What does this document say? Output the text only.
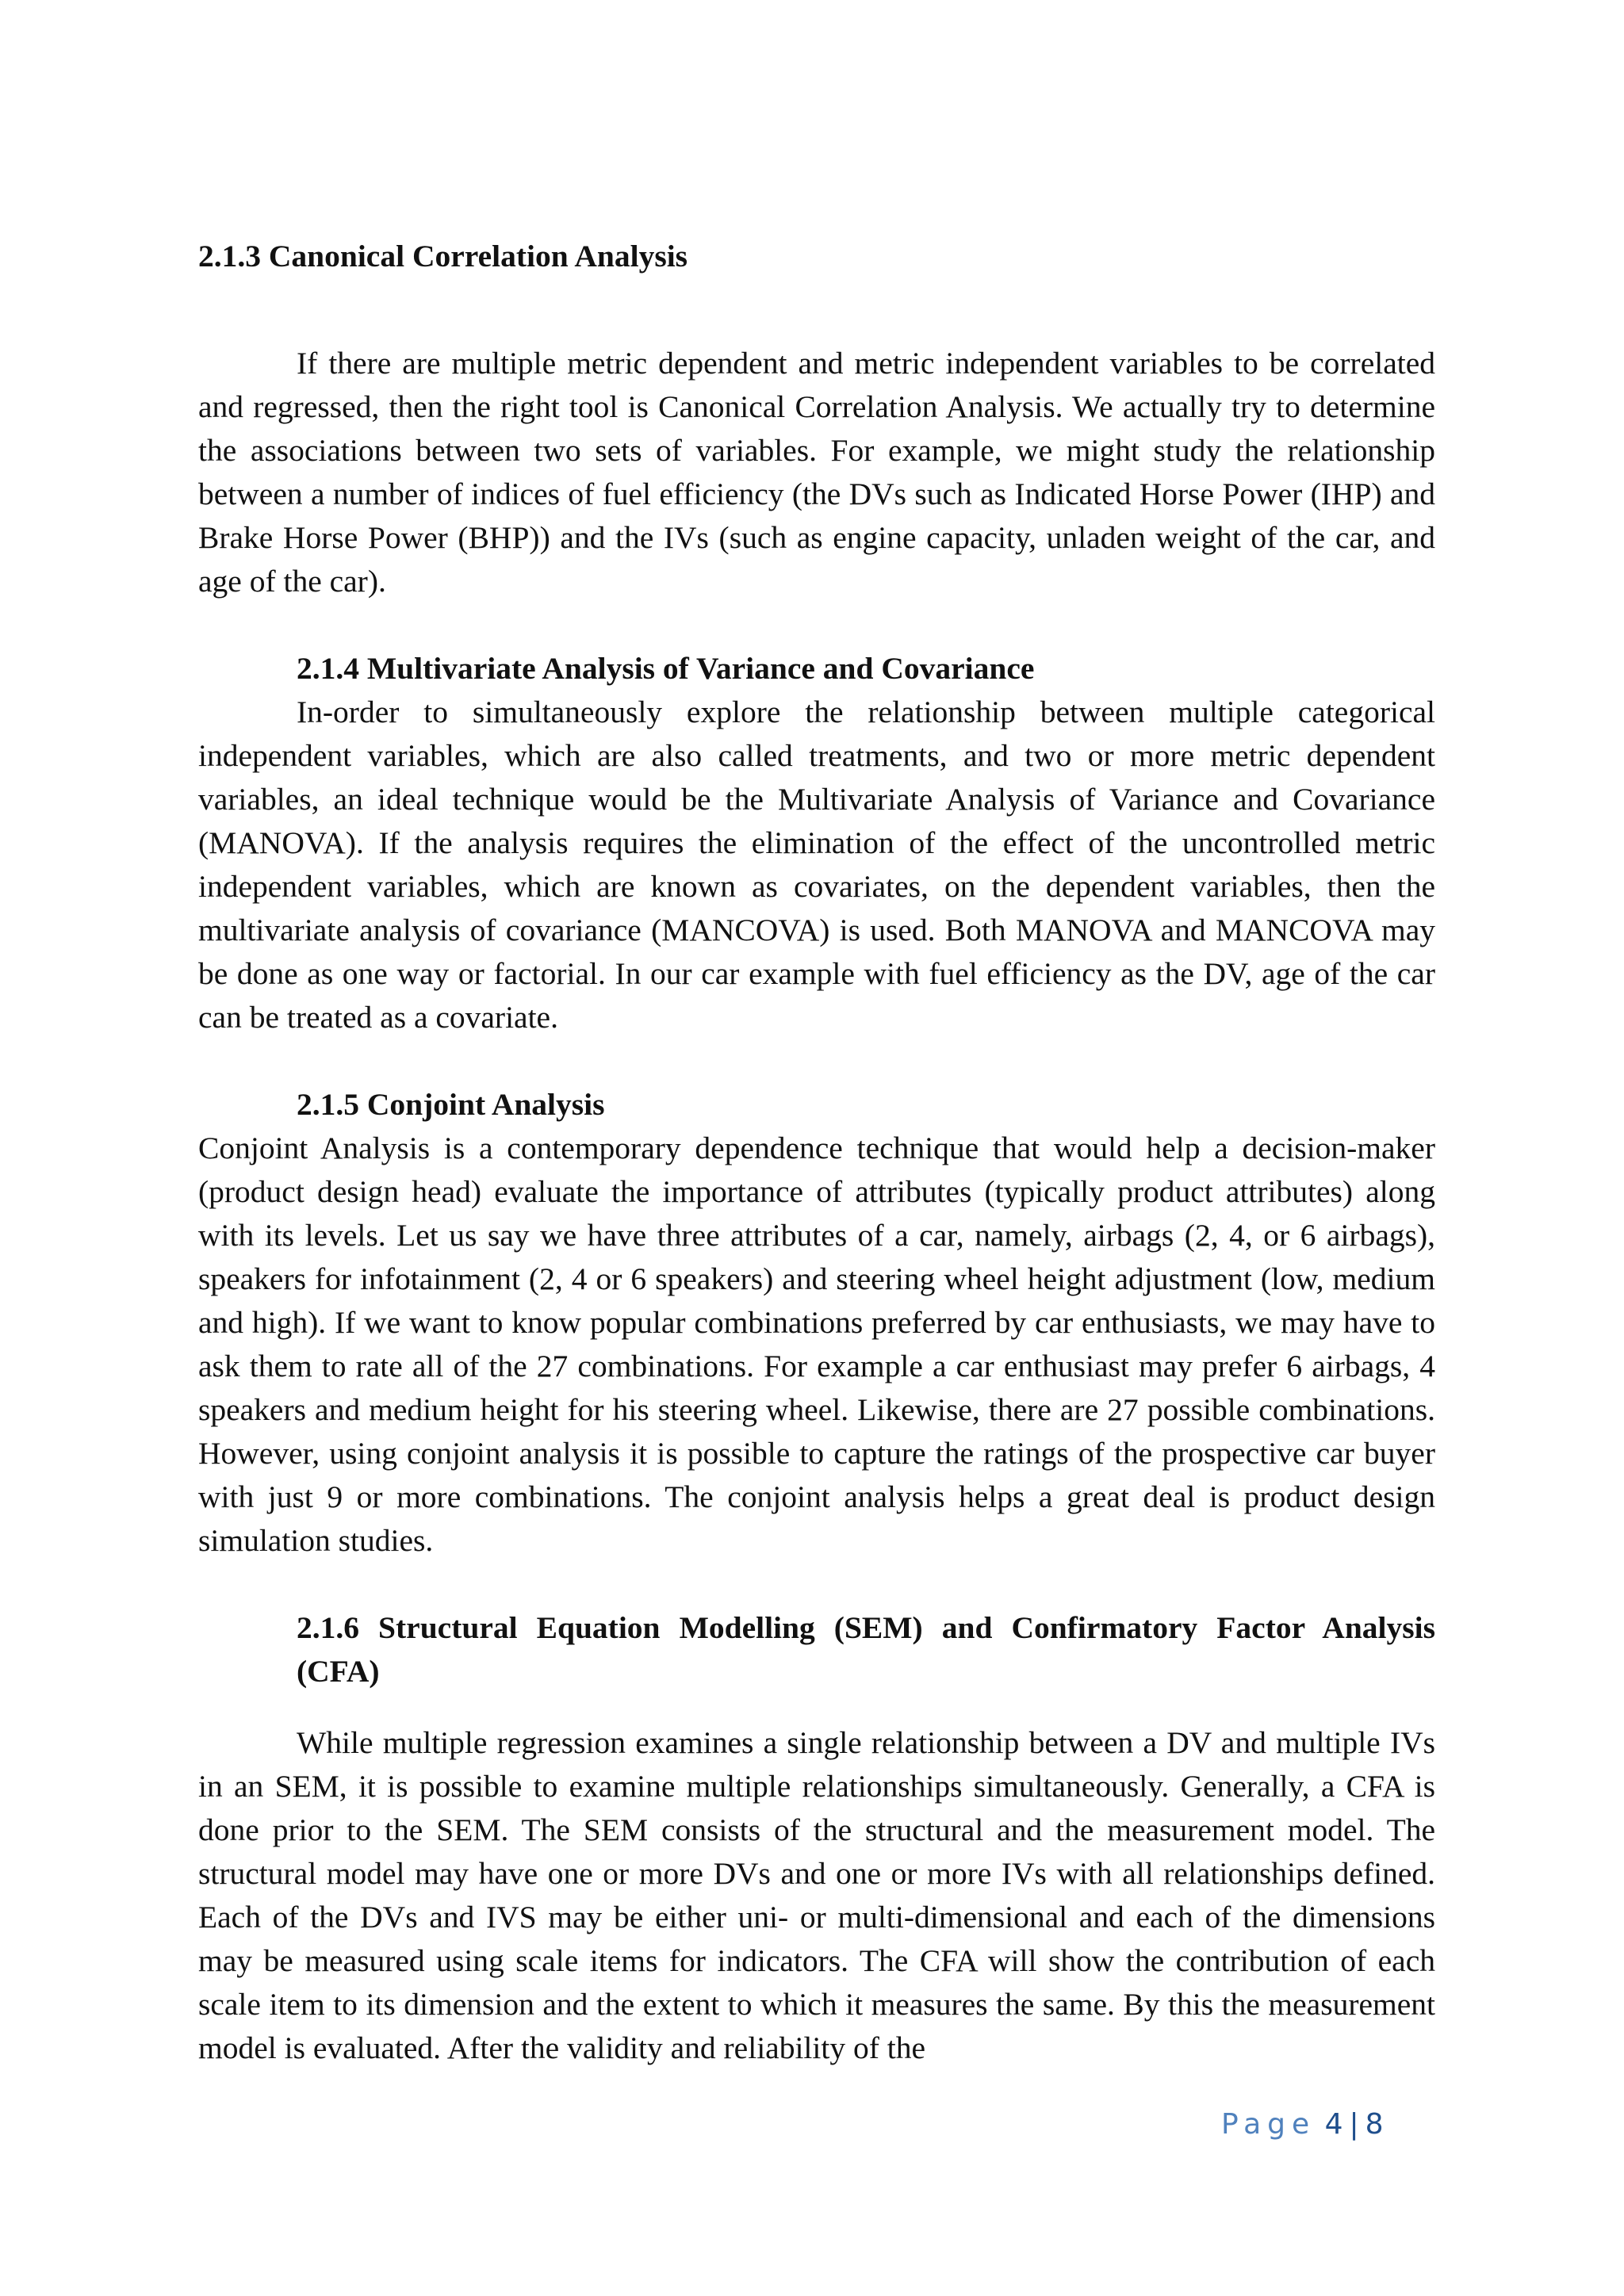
2.1.3 Canonical Correlation Analysis

If there are multiple metric dependent and metric independent variables to be correlated and regressed, then the right tool is Canonical Correlation Analysis. We actually try to determine the associations between two sets of variables. For example, we might study the relationship between a number of indices of fuel efficiency (the DVs such as Indicated Horse Power (IHP) and Brake Horse Power (BHP)) and the IVs (such as engine capacity, unladen weight of the car, and age of the car).

2.1.4 Multivariate Analysis of Variance and Covariance

In-order to simultaneously explore the relationship between multiple categorical independent variables, which are also called treatments, and two or more metric dependent variables, an ideal technique would be the Multivariate Analysis of Variance and Covariance (MANOVA). If the analysis requires the elimination of the effect of the uncontrolled metric independent variables, which are known as covariates, on the dependent variables, then the multivariate analysis of covariance (MANCOVA) is used. Both MANOVA and MANCOVA may be done as one way or factorial. In our car example with fuel efficiency as the DV, age of the car can be treated as a covariate.

2.1.5 Conjoint Analysis

Conjoint Analysis is a contemporary dependence technique that would help a decision-maker (product design head) evaluate the importance of attributes (typically product attributes) along with its levels. Let us say we have three attributes of a car, namely, airbags (2, 4, or 6 airbags), speakers for infotainment (2, 4 or 6 speakers) and steering wheel height adjustment (low, medium and high). If we want to know popular combinations preferred by car enthusiasts, we may have to ask them to rate all of the 27 combinations. For example a car enthusiast may prefer 6 airbags, 4 speakers and medium height for his steering wheel. Likewise, there are 27 possible combinations. However, using conjoint analysis it is possible to capture the ratings of the prospective car buyer with just 9 or more combinations. The conjoint analysis helps a great deal is product design simulation studies.

2.1.6 Structural Equation Modelling (SEM) and Confirmatory Factor Analysis (CFA)

While multiple regression examines a single relationship between a DV and multiple IVs in an SEM, it is possible to examine multiple relationships simultaneously. Generally, a CFA is done prior to the SEM. The SEM consists of the structural and the measurement model. The structural model may have one or more DVs and one or more IVs with all relationships defined. Each of the DVs and IVS may be either uni- or multi-dimensional and each of the dimensions may be measured using scale items for indicators. The CFA will show the contribution of each scale item to its dimension and the extent to which it measures the same. By this the measurement model is evaluated. After the validity and reliability of the

Page 4 | 8
